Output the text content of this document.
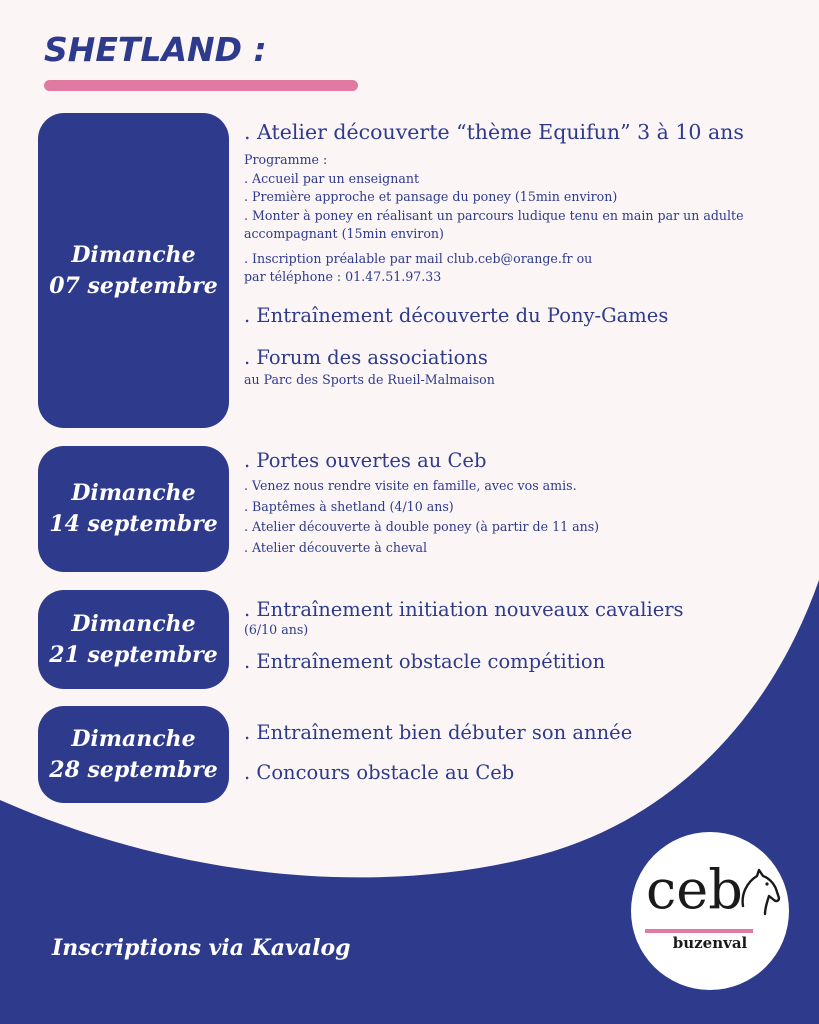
SHETLAND :
Dimanche
07 septembre
. Atelier découverte “thème Equifun” 3 à 10 ans
Programme :
. Accueil par un enseignant
. Première approche et pansage du poney (15min environ)
. Monter à poney en réalisant un parcours ludique tenu en main par un adulte accompagnant (15min environ)
. Inscription préalable par mail club.ceb@orange.fr ou
par téléphone : 01.47.51.97.33
. Entraînement découverte du Pony-Games
. Forum des associations
au Parc des Sports de Rueil-Malmaison
Dimanche
14 septembre
. Portes ouvertes au Ceb
. Venez nous rendre visite en famille, avec vos amis.
. Baptêmes à shetland (4/10 ans)
. Atelier découverte à double poney (à partir de 11 ans)
. Atelier découverte à cheval
Dimanche
21 septembre
. Entraînement initiation nouveaux cavaliers
(6/10 ans)
. Entraînement obstacle compétition
Dimanche
28 septembre
. Entraînement bien débuter son année
. Concours obstacle au Ceb
Inscriptions via Kavalog
ceb
buzenval
